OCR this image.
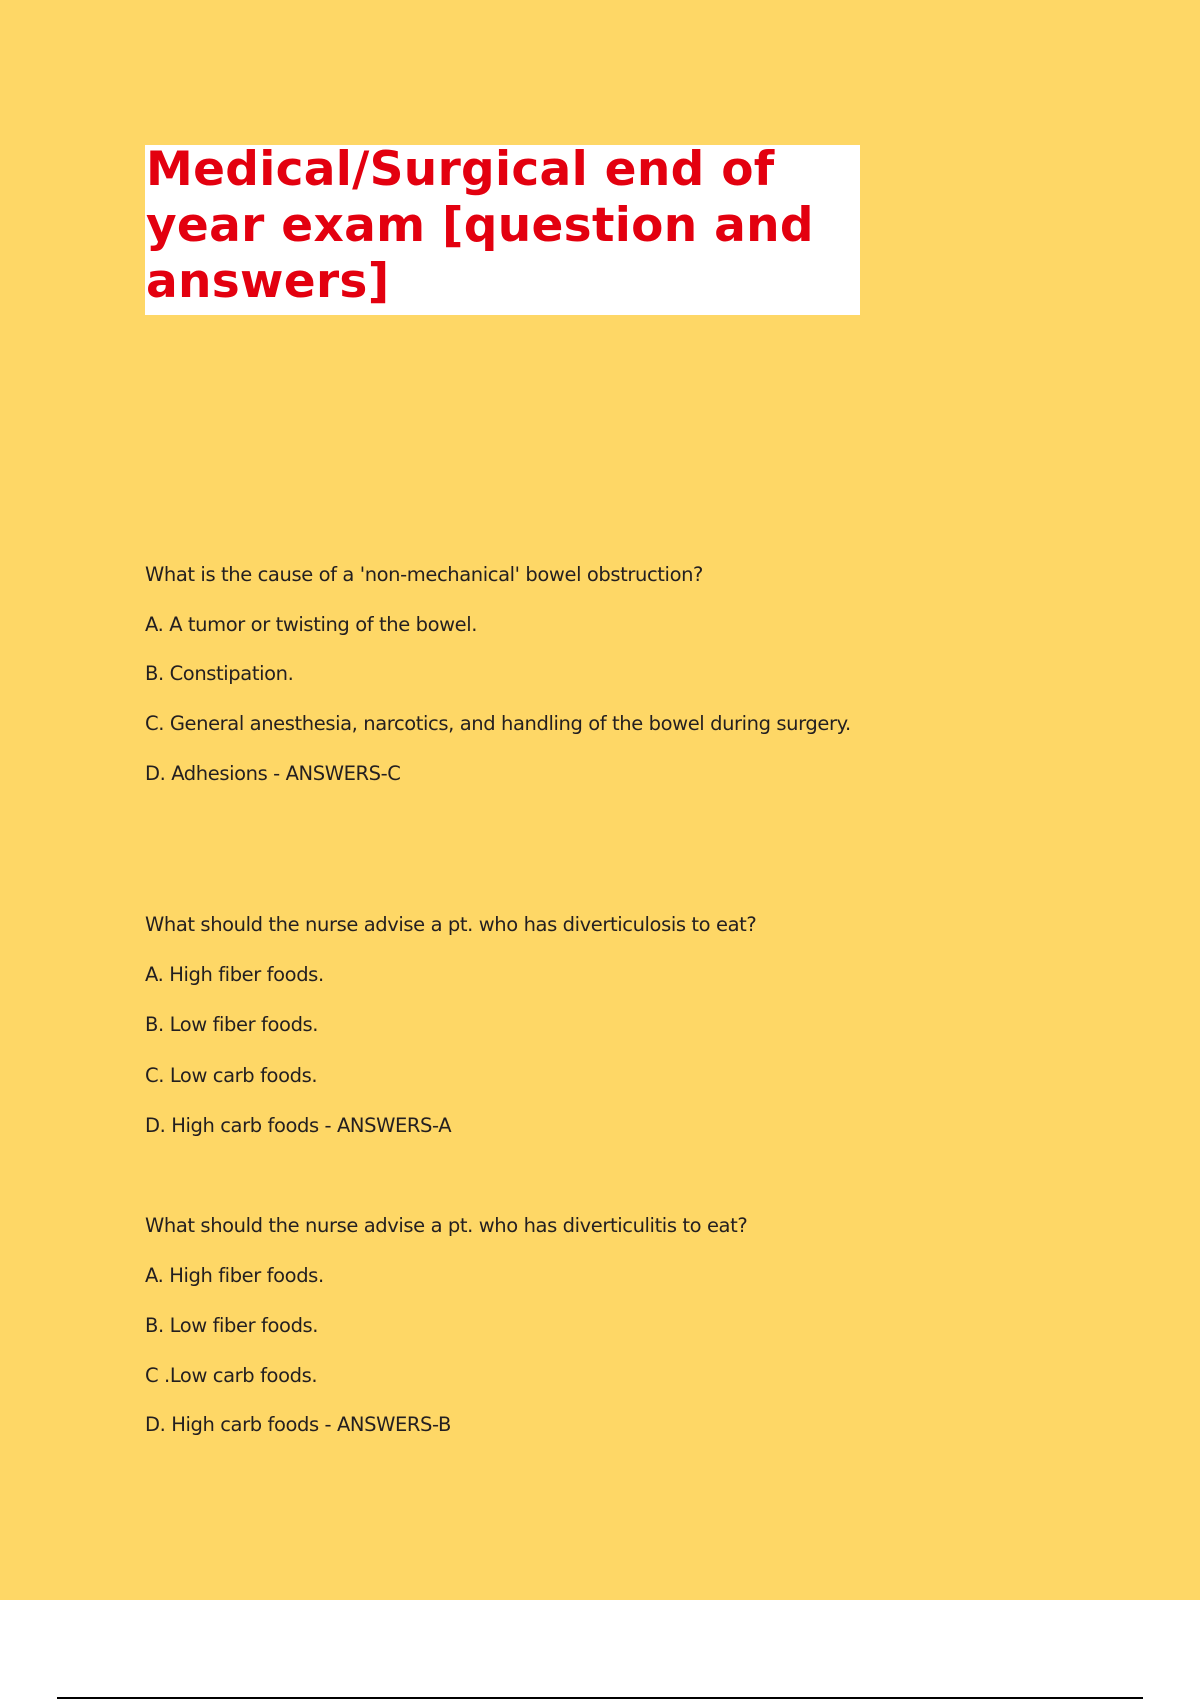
Medical/Surgical end of year exam [question and answers]

What is the cause of a 'non-mechanical' bowel obstruction?

A. A tumor or twisting of the bowel.

B. Constipation.

C. General anesthesia, narcotics, and handling of the bowel during surgery.

D. Adhesions - ANSWERS-C

What should the nurse advise a pt. who has diverticulosis to eat?

A. High fiber foods.

B. Low fiber foods.

C. Low carb foods.

D. High carb foods - ANSWERS-A

What should the nurse advise a pt. who has diverticulitis to eat?

A. High fiber foods.

B. Low fiber foods.

C .Low carb foods.

D. High carb foods - ANSWERS-B
